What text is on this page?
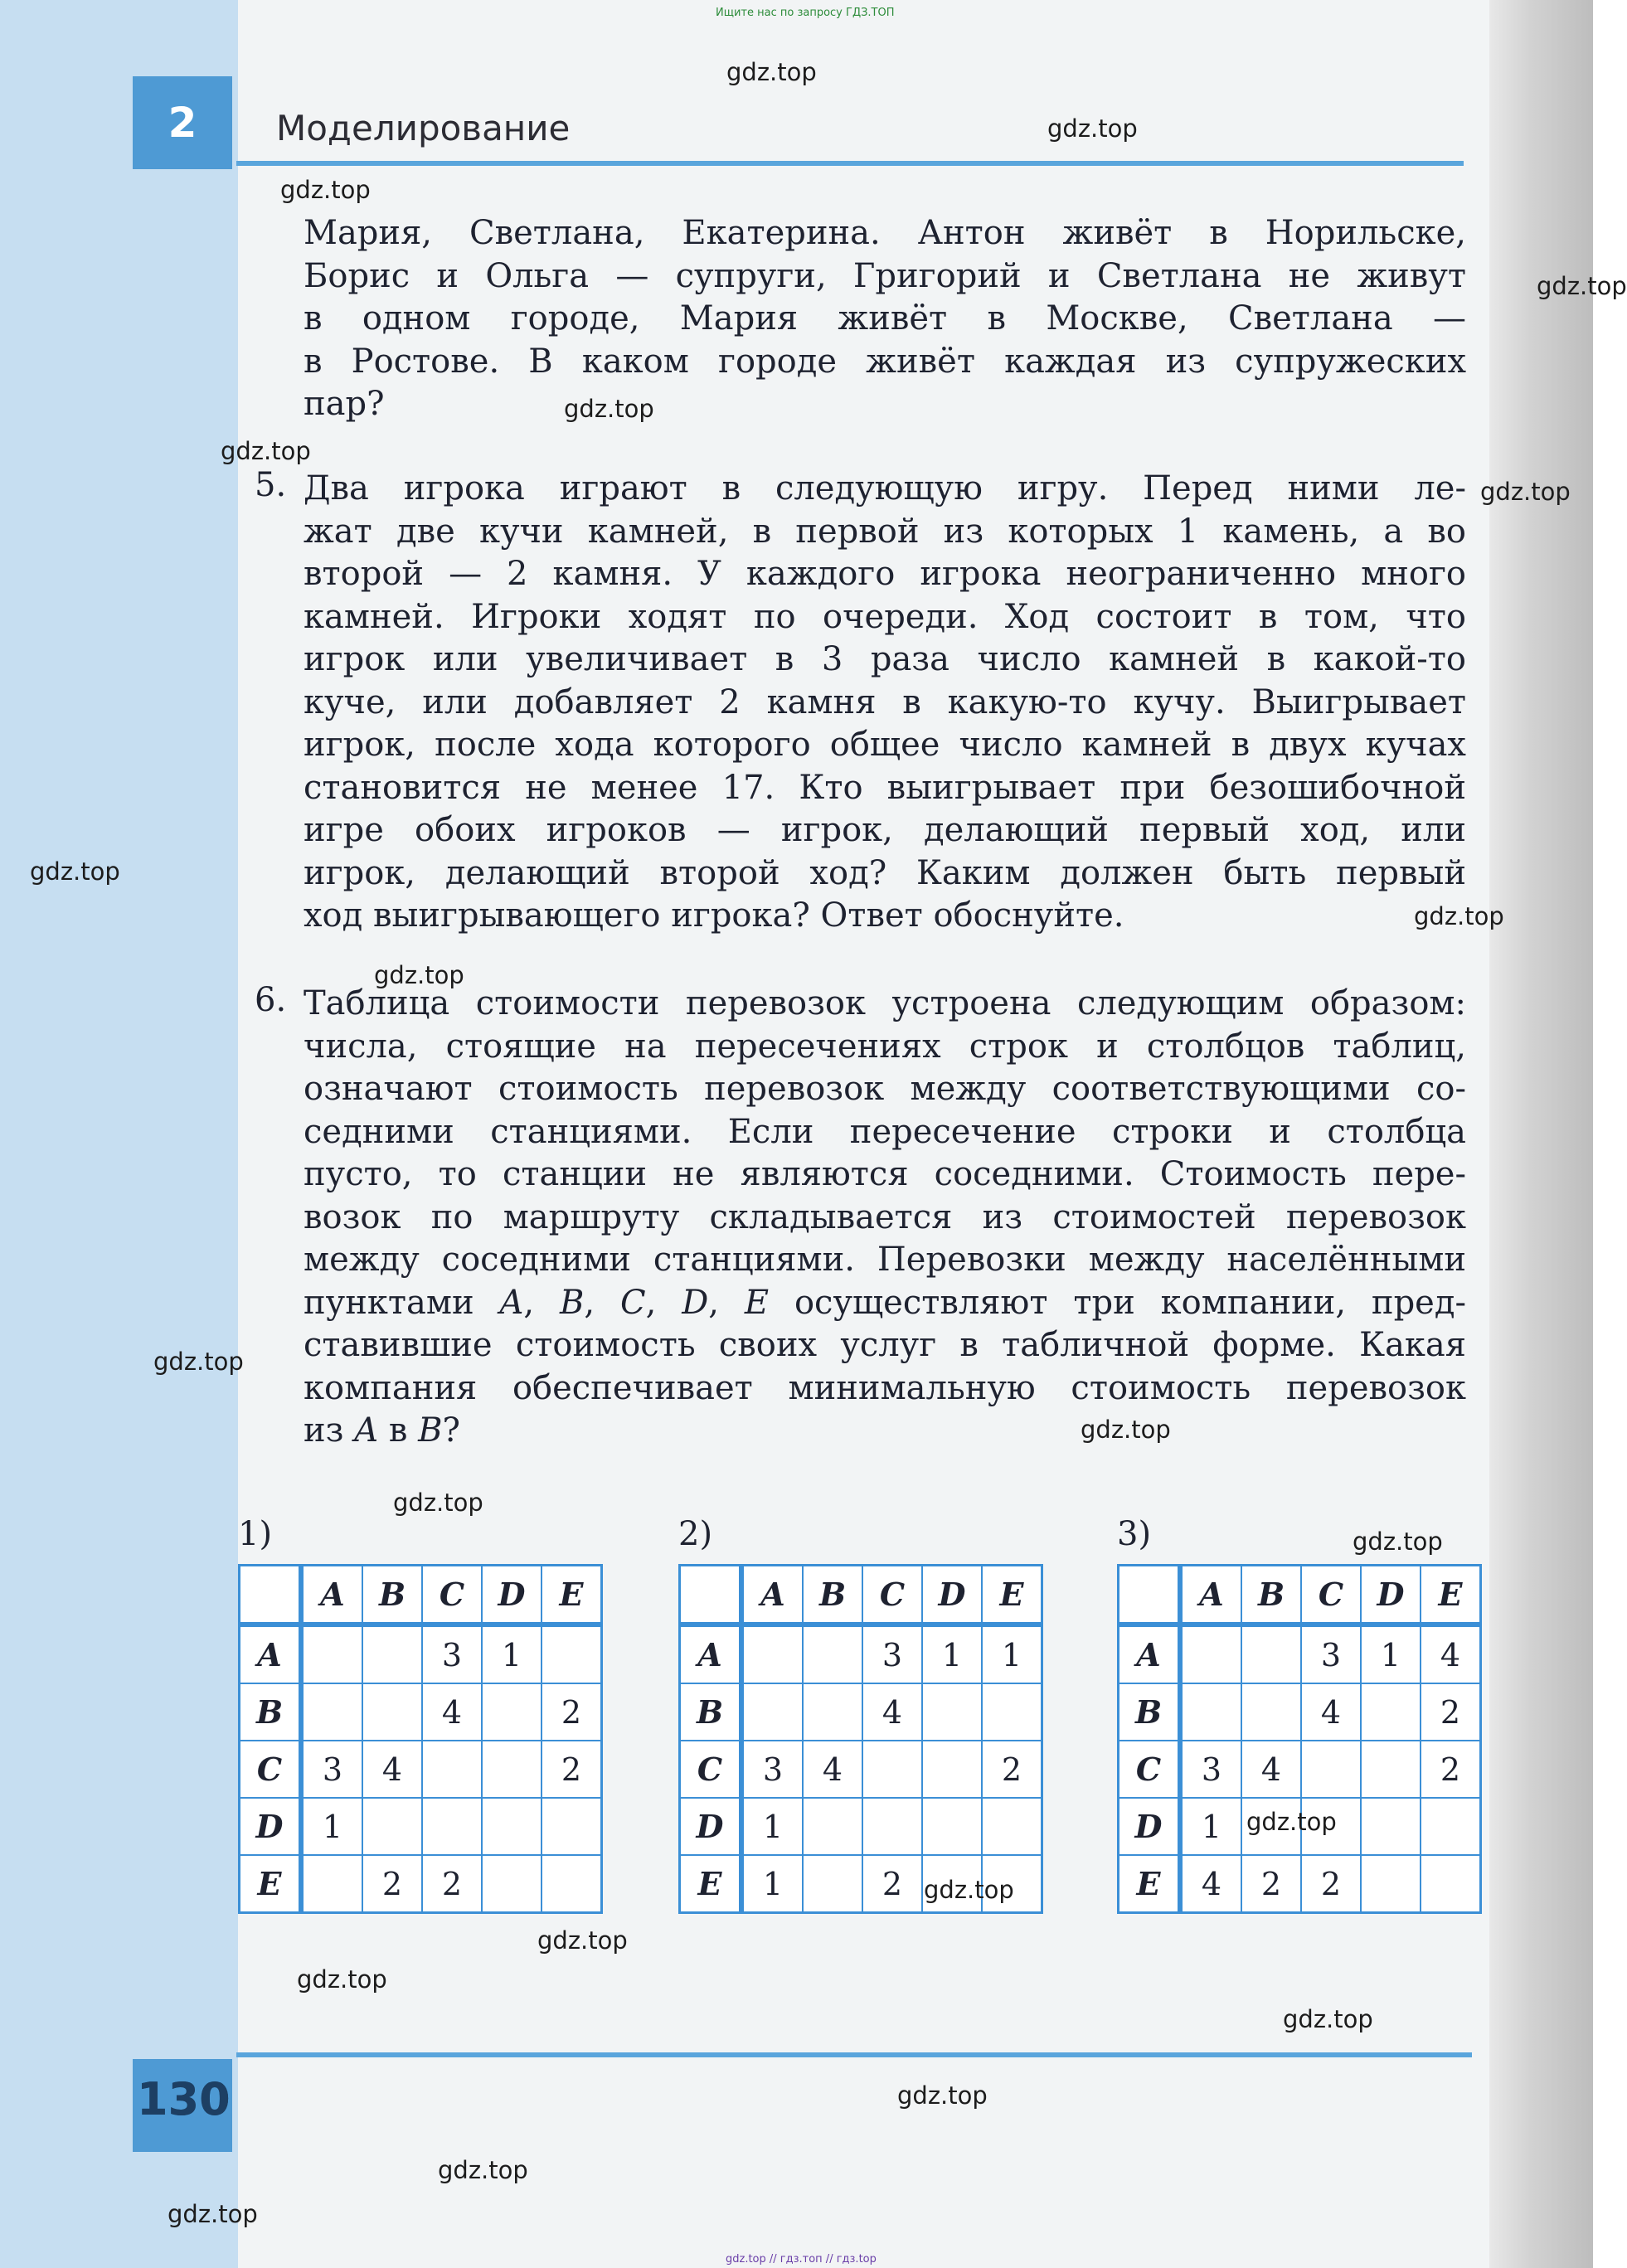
Ищите нас по запросу ГДЗ.ТОП
2	Моделирование
Мария, Светлана, Екатерина. Антон живёт в Норильске,
Борис и Ольга — супруги, Григорий и Светлана не живут
в одном городе, Мария живёт в Москве, Светлана —
в Ростове. В каком городе живёт каждая из супружеских
пар?
5. Два игрока играют в следующую игру. Перед ними ле-
жат две кучи камней, в первой из которых 1 камень, а во
второй — 2 камня. У каждого игрока неограниченно много
камней. Игроки ходят по очереди. Ход состоит в том, что
игрок или увеличивает в 3 раза число камней в какой-то
куче, или добавляет 2 камня в какую-то кучу. Выигрывает
игрок, после хода которого общее число камней в двух кучах
становится не менее 17. Кто выигрывает при безошибочной
игре обоих игроков — игрок, делающий первый ход, или
игрок, делающий второй ход? Каким должен быть первый
ход выигрывающего игрока? Ответ обоснуйте.
6. Таблица стоимости перевозок устроена следующим образом:
числа, стоящие на пересечениях строк и столбцов таблиц,
означают стоимость перевозок между соответствующими со-
седними станциями. Если пересечение строки и столбца
пусто, то станции не являются соседними. Стоимость пере-
возок по маршруту складывается из стоимостей перевозок
между соседними станциями. Перевозки между населёнными
пунктами A, B, C, D, E осуществляют три компании, пред-
ставившие стоимость своих услуг в табличной форме. Какая
компания обеспечивает минимальную стоимость перевозок
из A в B?
1)	2)	3)
	A	B	C	D	E
A			3	1	
B			4		2
C	3	4			2
D	1				
E		2	2		
	A	B	C	D	E
A			3	1	1
B			4		
C	3	4			2
D	1				
E	1		2		
	A	B	C	D	E
A			3	1	4
B			4		2
C	3	4			2
D	1				
E	4	2	2		
130
gdz.top // гдз.топ // гдз.top
gdz.top
gdz.top
gdz.top
gdz.top
gdz.top
gdz.top
gdz.top
gdz.top
gdz.top
gdz.top
gdz.top
gdz.top
gdz.top
gdz.top
gdz.top
gdz.top
gdz.top
gdz.top
gdz.top
gdz.top
gdz.top
gdz.top
